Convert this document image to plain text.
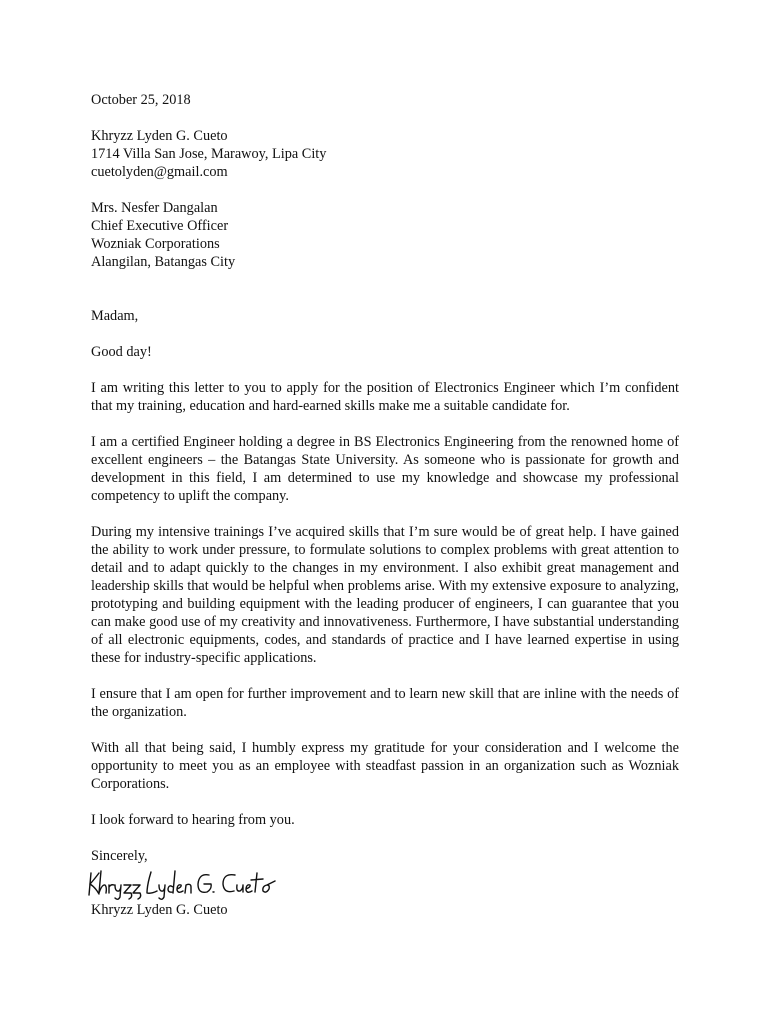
October 25, 2018
Khryzz Lyden G. Cueto
1714 Villa San Jose, Marawoy, Lipa City
cuetolyden@gmail.com
Mrs. Nesfer Dangalan
Chief Executive Officer
Wozniak Corporations
Alangilan, Batangas City

Madam,

Good day!

I am writing this letter to you to apply for the position of Electronics Engineer which I’m confident that my training, education and hard-earned skills make me a suitable candidate for.

I am a certified Engineer holding a degree in BS Electronics Engineering from the renowned home of excellent engineers – the Batangas State University. As someone who is passionate for growth and development in this field, I am determined to use my knowledge and showcase my professional competency to uplift the company.

During my intensive trainings I’ve acquired skills that I’m sure would be of great help. I have gained the ability to work under pressure, to formulate solutions to complex problems with great attention to detail and to adapt quickly to the changes in my environment. I also exhibit great management and leadership skills that would be helpful when problems arise. With my extensive exposure to analyzing, prototyping and building equipment with the leading producer of engineers, I can guarantee that you can make good use of my creativity and innovativeness. Furthermore, I have substantial understanding of all electronic equipments, codes, and standards of practice and I have learned expertise in using these for industry-specific applications.

I ensure that I am open for further improvement and to learn new skill that are inline with the needs of the organization.

With all that being said, I humbly express my gratitude for your consideration and I welcome the opportunity to meet you as an employee with steadfast passion in an organization such as Wozniak Corporations.

I look forward to hearing from you.

Sincerely,

Khryzz Lyden G. Cueto
